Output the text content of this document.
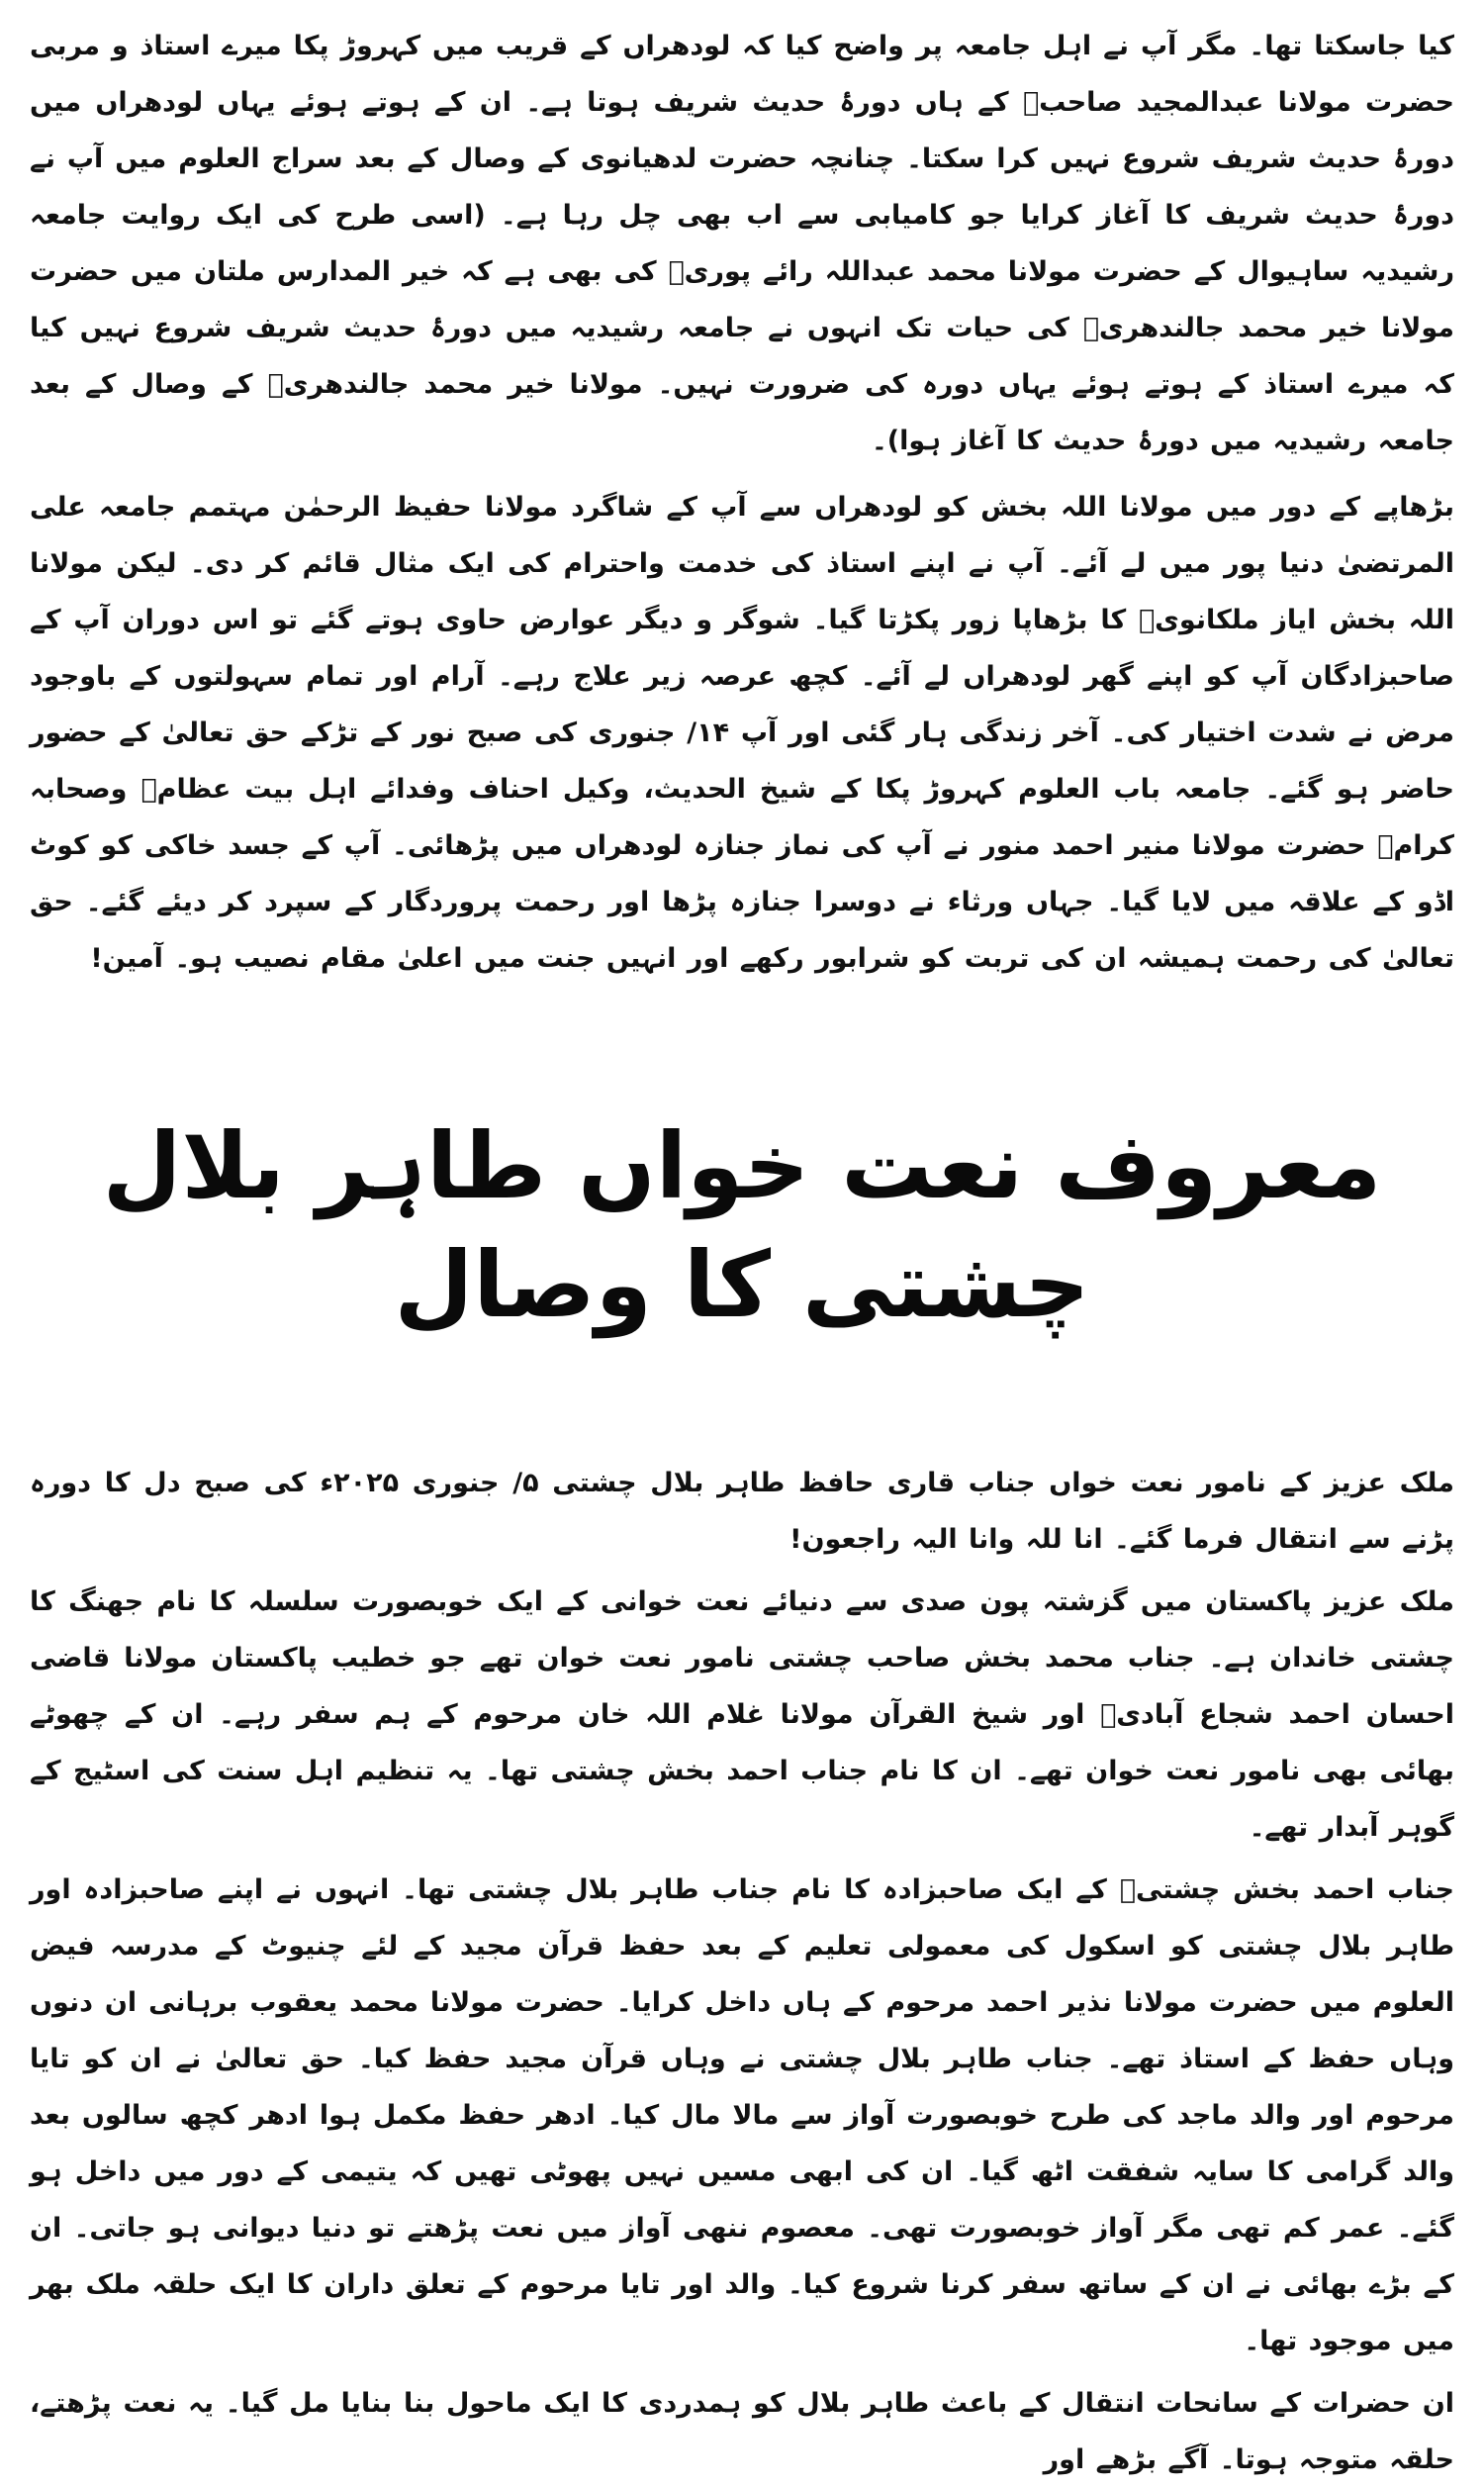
کیا جاسکتا تھا۔ مگر آپ نے اہل جامعہ پر واضح کیا کہ لودھراں کے قریب میں کہروڑ پکا میرے استاذ و مربی حضرت مولانا عبدالمجید صاحبؒ کے ہاں دورۂ حدیث شریف ہوتا ہے۔ ان کے ہوتے ہوئے یہاں لودھراں میں دورۂ حدیث شریف شروع نہیں کرا سکتا۔ چنانچہ حضرت لدھیانوی کے وصال کے بعد سراج العلوم میں آپ نے دورۂ حدیث شریف کا آغاز کرایا جو کامیابی سے اب بھی چل رہا ہے۔ (اسی طرح کی ایک روایت جامعہ رشیدیہ ساہیوال کے حضرت مولانا محمد عبداللہ رائے پوریؒ کی بھی ہے کہ خیر المدارس ملتان میں حضرت مولانا خیر محمد جالندھریؒ کی حیات تک انہوں نے جامعہ رشیدیہ میں دورۂ حدیث شریف شروع نہیں کیا کہ میرے استاذ کے ہوتے ہوئے یہاں دورہ کی ضرورت نہیں۔ مولانا خیر محمد جالندھریؒ کے وصال کے بعد جامعہ رشیدیہ میں دورۂ حدیث کا آغاز ہوا)۔

بڑھاپے کے دور میں مولانا اللہ بخش کو لودھراں سے آپ کے شاگرد مولانا حفیظ الرحمٰن مہتمم جامعہ علی المرتضیٰ دنیا پور میں لے آئے۔ آپ نے اپنے استاذ کی خدمت واحترام کی ایک مثال قائم کر دی۔ لیکن مولانا اللہ بخش ایاز ملکانویؒ کا بڑھاپا زور پکڑتا گیا۔ شوگر و دیگر عوارض حاوی ہوتے گئے تو اس دوران آپ کے صاحبزادگان آپ کو اپنے گھر لودھراں لے آئے۔ کچھ عرصہ زیر علاج رہے۔ آرام اور تمام سہولتوں کے باوجود مرض نے شدت اختیار کی۔ آخر زندگی ہار گئی اور آپ ۱۴/ جنوری کی صبح نور کے تڑکے حق تعالیٰ کے حضور حاضر ہو گئے۔ جامعہ باب العلوم کہروڑ پکا کے شیخ الحدیث، وکیل احناف وفدائے اہل بیت عظامؓ وصحابہ کرامؓ حضرت مولانا منیر احمد منور نے آپ کی نماز جنازہ لودھراں میں پڑھائی۔ آپ کے جسد خاکی کو کوٹ اڈو کے علاقہ میں لایا گیا۔ جہاں ورثاء نے دوسرا جنازہ پڑھا اور رحمت پروردگار کے سپرد کر دیئے گئے۔ حق تعالیٰ کی رحمت ہمیشہ ان کی تربت کو شرابور رکھے اور انہیں جنت میں اعلیٰ مقام نصیب ہو۔ آمین!

معروف نعت خواں طاہر بلال چشتی کا وصال

ملک عزیز کے نامور نعت خواں جناب قاری حافظ طاہر بلال چشتی ۵/ جنوری ۲۰۲۵ء کی صبح دل کا دورہ پڑنے سے انتقال فرما گئے۔ انا للہ وانا الیہ راجعون!

ملک عزیز پاکستان میں گزشتہ پون صدی سے دنیائے نعت خوانی کے ایک خوبصورت سلسلہ کا نام جھنگ کا چشتی خاندان ہے۔ جناب محمد بخش صاحب چشتی نامور نعت خوان تھے جو خطیب پاکستان مولانا قاضی احسان احمد شجاع آبادیؒ اور شیخ القرآن مولانا غلام اللہ خان مرحوم کے ہم سفر رہے۔ ان کے چھوٹے بھائی بھی نامور نعت خوان تھے۔ ان کا نام جناب احمد بخش چشتی تھا۔ یہ تنظیم اہل سنت کی اسٹیج کے گوہر آبدار تھے۔

جناب احمد بخش چشتیؒ کے ایک صاحبزادہ کا نام جناب طاہر بلال چشتی تھا۔ انہوں نے اپنے صاحبزادہ اور طاہر بلال چشتی کو اسکول کی معمولی تعلیم کے بعد حفظ قرآن مجید کے لئے چنیوٹ کے مدرسہ فیض العلوم میں حضرت مولانا نذیر احمد مرحوم کے ہاں داخل کرایا۔ حضرت مولانا محمد یعقوب برہانی ان دنوں وہاں حفظ کے استاذ تھے۔ جناب طاہر بلال چشتی نے وہاں قرآن مجید حفظ کیا۔ حق تعالیٰ نے ان کو تایا مرحوم اور والد ماجد کی طرح خوبصورت آواز سے مالا مال کیا۔ ادھر حفظ مکمل ہوا ادھر کچھ سالوں بعد والد گرامی کا سایہ شفقت اٹھ گیا۔ ان کی ابھی مسیں نہیں پھوٹی تھیں کہ یتیمی کے دور میں داخل ہو گئے۔ عمر کم تھی مگر آواز خوبصورت تھی۔ معصوم ننھی آواز میں نعت پڑھتے تو دنیا دیوانی ہو جاتی۔ ان کے بڑے بھائی نے ان کے ساتھ سفر کرنا شروع کیا۔ والد اور تایا مرحوم کے تعلق داران کا ایک حلقہ ملک بھر میں موجود تھا۔

ان حضرات کے سانحات انتقال کے باعث طاہر بلال کو ہمدردی کا ایک ماحول بنا بنایا مل گیا۔ یہ نعت پڑھتے، حلقہ متوجہ ہوتا۔ آگے بڑھے اور
